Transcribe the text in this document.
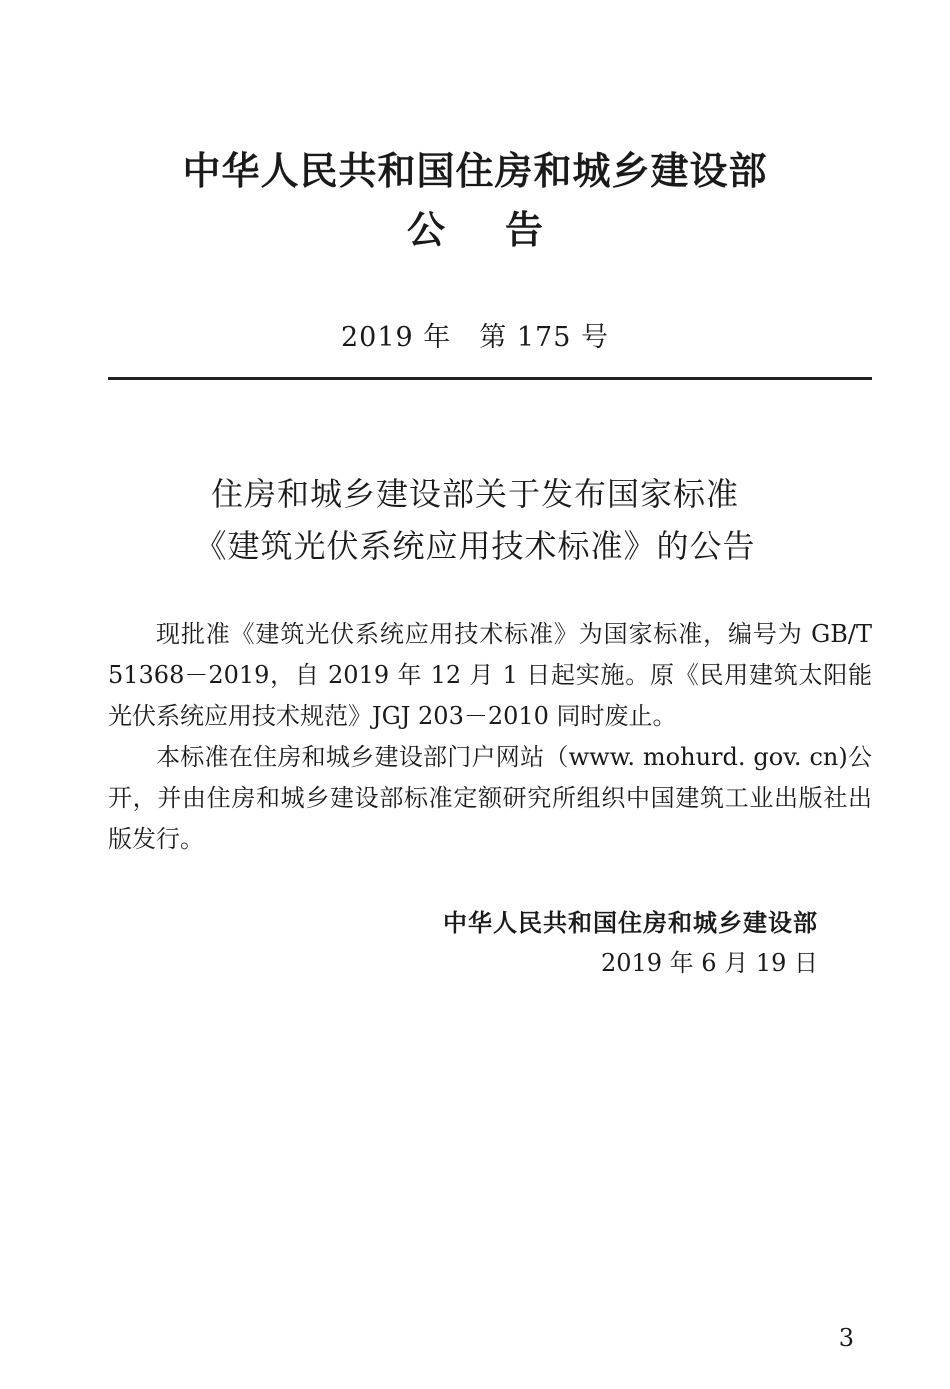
中华人民共和国住房和城乡建设部
公告
2019 年　第 175 号
住房和城乡建设部关于发布国家标准
《建筑光伏系统应用技术标准》的公告

现批准《建筑光伏系统应用技术标准》为国家标准，编号为 GB/T 51368－2019，自 2019 年 12 月 1 日起实施。原《民用建筑太阳能光伏系统应用技术规范》JGJ 203－2010 同时废止。

本标准在住房和城乡建设部门户网站（www. mohurd. gov. cn)公开，并由住房和城乡建设部标准定额研究所组织中国建筑工业出版社出版发行。

中华人民共和国住房和城乡建设部
2019 年 6 月 19 日
3
